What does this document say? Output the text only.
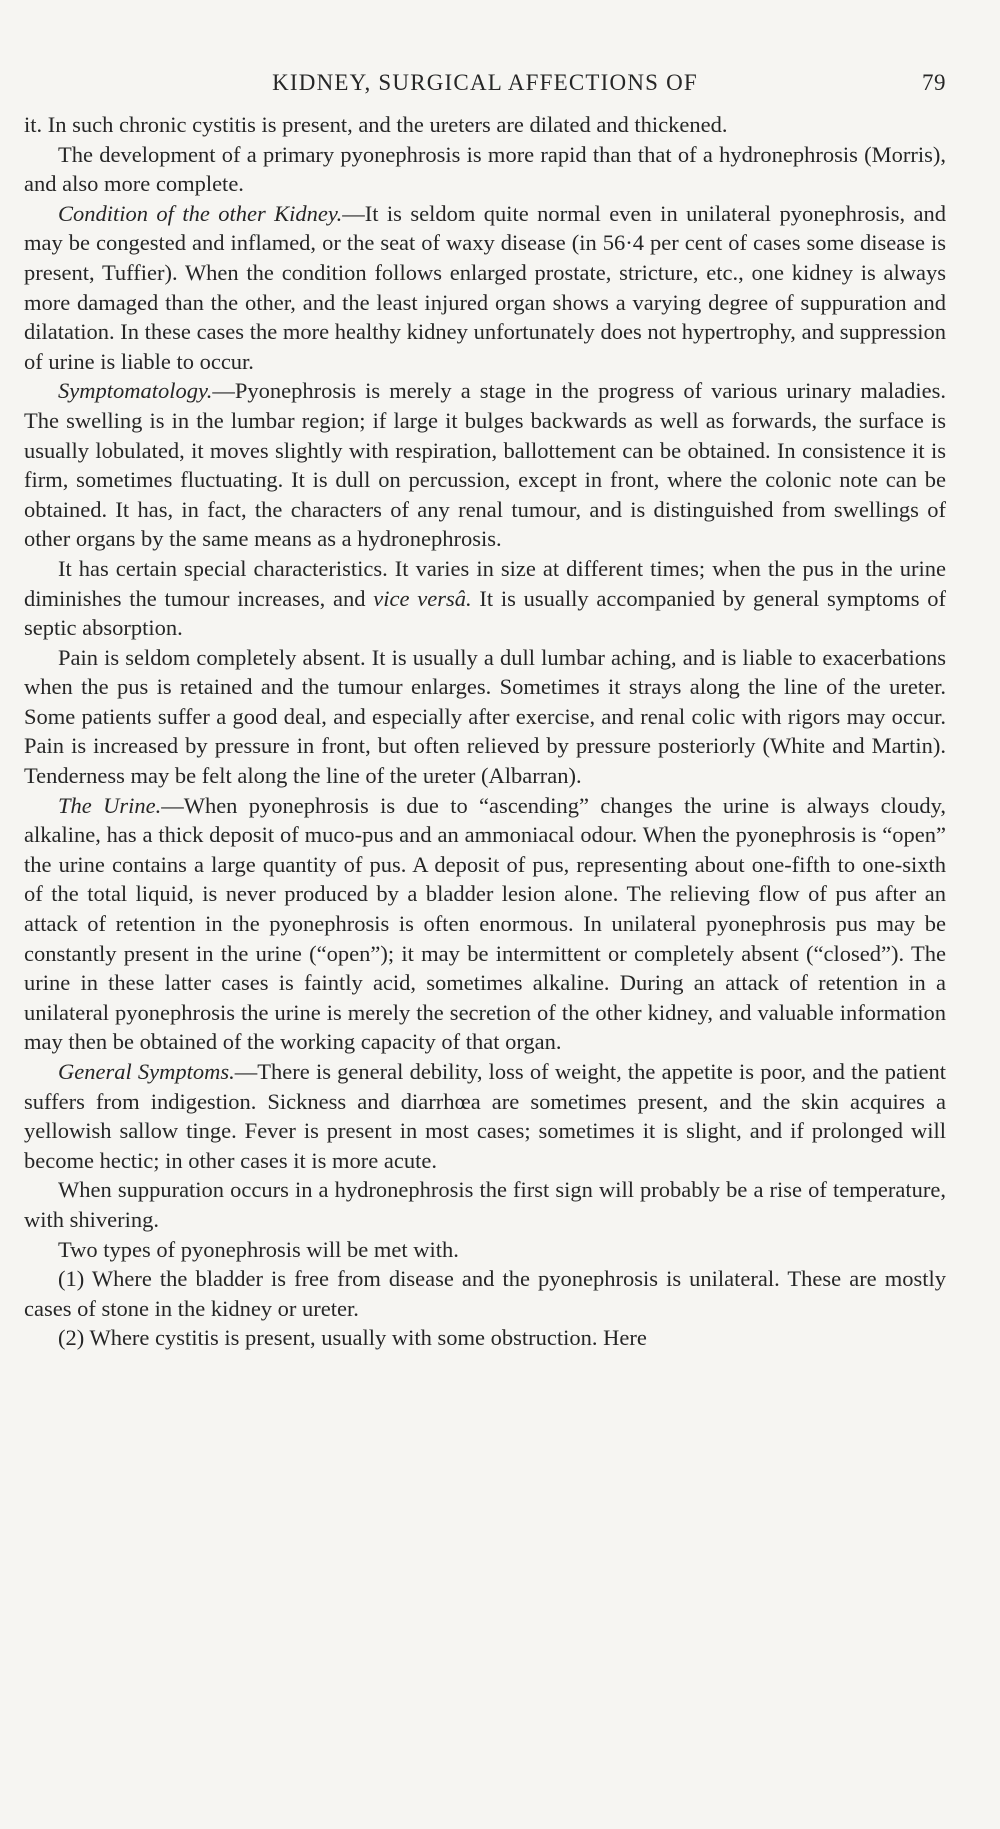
KIDNEY, SURGICAL AFFECTIONS OF	79

it. In such chronic cystitis is present, and the ureters are dilated and thickened.

The development of a primary pyonephrosis is more rapid than that of a hydronephrosis (Morris), and also more complete.

Condition of the other Kidney.—It is seldom quite normal even in unilateral pyonephrosis, and may be congested and inflamed, or the seat of waxy disease (in 56·4 per cent of cases some disease is present, Tuffier). When the condition follows enlarged prostate, stricture, etc., one kidney is always more damaged than the other, and the least injured organ shows a varying degree of suppuration and dilatation. In these cases the more healthy kidney unfortunately does not hypertrophy, and suppression of urine is liable to occur.

Symptomatology.—Pyonephrosis is merely a stage in the progress of various urinary maladies. The swelling is in the lumbar region; if large it bulges backwards as well as forwards, the surface is usually lobulated, it moves slightly with respiration, ballottement can be obtained. In consistence it is firm, sometimes fluctuating. It is dull on percussion, except in front, where the colonic note can be obtained. It has, in fact, the characters of any renal tumour, and is distinguished from swellings of other organs by the same means as a hydronephrosis.

It has certain special characteristics. It varies in size at different times; when the pus in the urine diminishes the tumour increases, and vice versâ. It is usually accompanied by general symptoms of septic absorption.

Pain is seldom completely absent. It is usually a dull lumbar aching, and is liable to exacerbations when the pus is retained and the tumour enlarges. Sometimes it strays along the line of the ureter. Some patients suffer a good deal, and especially after exercise, and renal colic with rigors may occur. Pain is increased by pressure in front, but often relieved by pressure posteriorly (White and Martin). Tenderness may be felt along the line of the ureter (Albarran).

The Urine.—When pyonephrosis is due to “ascending” changes the urine is always cloudy, alkaline, has a thick deposit of muco-pus and an ammoniacal odour. When the pyonephrosis is “open” the urine contains a large quantity of pus. A deposit of pus, representing about one-fifth to one-sixth of the total liquid, is never produced by a bladder lesion alone. The relieving flow of pus after an attack of retention in the pyonephrosis is often enormous. In unilateral pyonephrosis pus may be constantly present in the urine (“open”); it may be intermittent or completely absent (“closed”). The urine in these latter cases is faintly acid, sometimes alkaline. During an attack of retention in a unilateral pyonephrosis the urine is merely the secretion of the other kidney, and valuable information may then be obtained of the working capacity of that organ.

General Symptoms.—There is general debility, loss of weight, the appetite is poor, and the patient suffers from indigestion. Sickness and diarrhœa are sometimes present, and the skin acquires a yellowish sallow tinge. Fever is present in most cases; sometimes it is slight, and if prolonged will become hectic; in other cases it is more acute.

When suppuration occurs in a hydronephrosis the first sign will probably be a rise of temperature, with shivering.

Two types of pyonephrosis will be met with.

(1) Where the bladder is free from disease and the pyonephrosis is unilateral. These are mostly cases of stone in the kidney or ureter.

(2) Where cystitis is present, usually with some obstruction. Here
